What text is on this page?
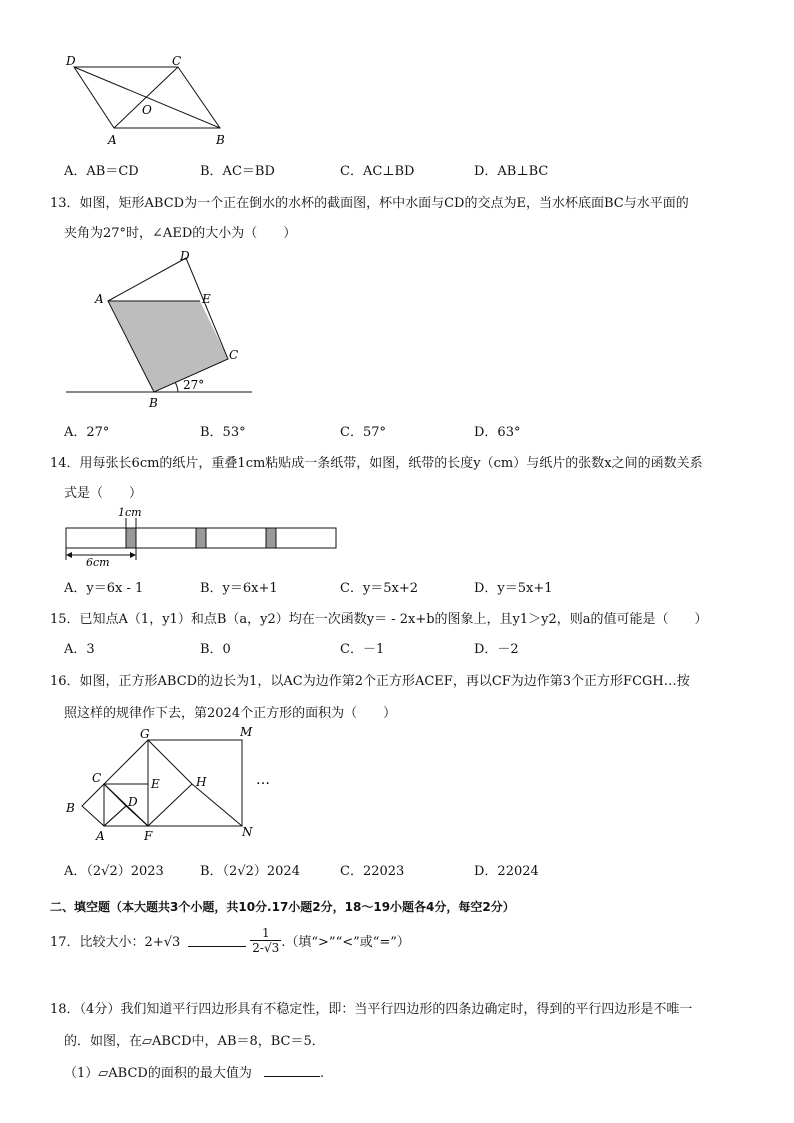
D	C
O
A	B
A．AB＝CD	B．AC＝BD	C．AC⊥BD	D．AB⊥BC
13．如图，矩形ABCD为一个正在倒水的水杯的截面图，杯中水面与CD的交点为E，当水杯底面BC与水平面的
夹角为27°时，∠AED的大小为（　　）
D
A	E
C
B
27°
A．27°	B．53°	C．57°	D．63°
14．用每张长6cm的纸片，重叠1cm粘贴成一条纸带，如图，纸带的长度y（cm）与纸片的张数x之间的函数关系
式是（　　）
1cm
6cm
A．y＝6x - 1	B．y＝6x+1	C．y＝5x+2	D．y＝5x+1
15．已知点A（1，y1）和点B（a，y2）均在一次函数y＝ - 2x+b的图象上，且y1＞y2，则a的值可能是（　　）
A．3	B．0	C．－1	D．－2
16．如图，正方形ABCD的边长为1，以AC为边作第2个正方形ACEF，再以CF为边作第3个正方形FCGH…按
照这样的规律作下去，第2024个正方形的面积为（　　）
G	M
C	E	H	…
B	D
A	F	N
A．（2√2）2023	B．（2√2）2024	C．22023	D．22024
二、填空题（本大题共3个小题，共10分.17小题2分，18～19小题各4分，每空2分）
17．比较大小：2+√3	$\frac{1}{2-√3}$ .（填“>”“<”或“=”）
18．（4分）我们知道平行四边形具有不稳定性，即：当平行四边形的四条边确定时，得到的平行四边形是不唯一
的．如图，在▱ABCD中，AB＝8，BC＝5．
（1）▱ABCD的面积的最大值为	.
